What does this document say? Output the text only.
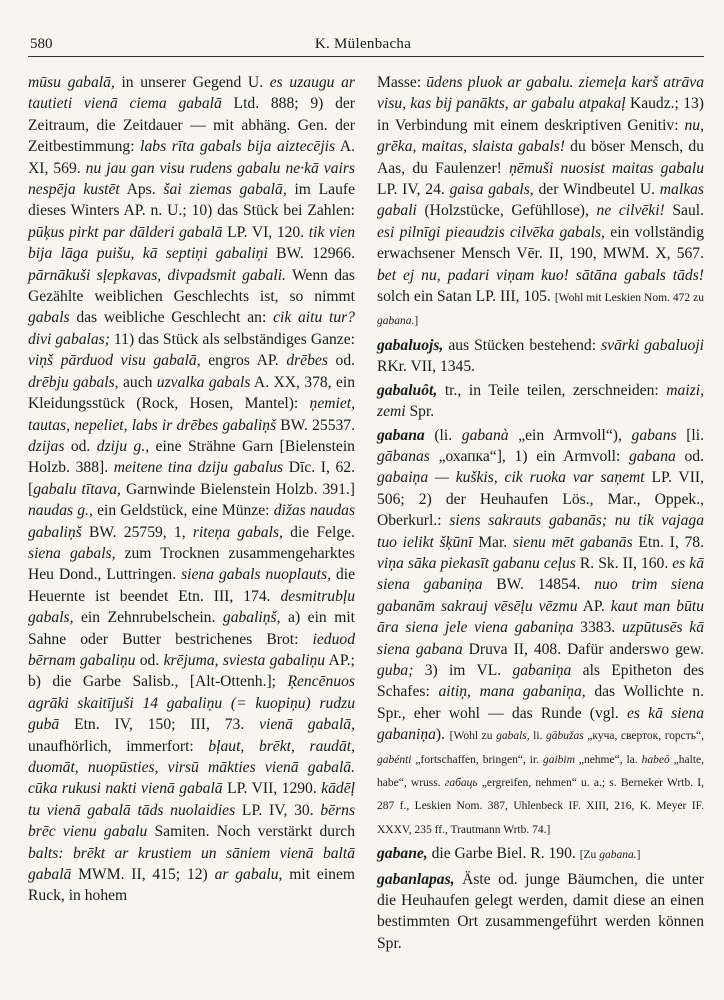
580	K. Mülenbacha

mūsu gabalā, in unserer Gegend U. es uzaugu ar tautieti vienā ciema gabalā Ltd. 888; 9) der Zeitraum, die Zeitdauer — mit abhäng. Gen. der Zeitbestimmung: labs rīta gabals bija aiztecējis A. XI, 569. nu jau gan visu rudens gabalu ne·kā vairs nespēja kustēt Aps. šai ziemas gabalā, im Laufe dieses Winters AP. n. U.; 10) das Stück bei Zahlen: pūķus pirkt par dālderi gabalā LP. VI, 120. tik vien bija lāga puišu, kā septiņi gabaliņi BW. 12966. pārnākuši sļepkavas, divpadsmit gabali. Wenn das Gezählte weiblichen Geschlechts ist, so nimmt gabals das weibliche Geschlecht an: cik aitu tur? divi gabalas; 11) das Stück als selbständiges Ganze: viņš pārduod visu gabalā, engros AP. drēbes od. drēbju gabals, auch uzvalka gabals A. XX, 378, ein Kleidungsstück (Rock, Hosen, Mantel): ņemiet, tautas, nepeliet, labs ir drēbes gabaliņš BW. 25537. dzijas od. dziju g., eine Strähne Garn [Bielenstein Holzb. 388]. meitene tina dziju gabalus Dīc. I, 62. [gabalu tītava, Garnwinde Bielenstein Holzb. 391.] naudas g., ein Geldstück, eine Münze: dižas naudas gabaliņš BW. 25759, 1, riteņa gabals, die Felge. siena gabals, zum Trocknen zusammengeharktes Heu Dond., Luttringen. siena gabals nuoplauts, die Heuernte ist beendet Etn. III, 174. desmitrubļu gabals, ein Zehnrubelschein. gabaliņš, a) ein mit Sahne oder Butter bestrichenes Brot: ieduod bērnam gabaliņu od. krējuma, sviesta gabaliņu AP.; b) die Garbe Salisb., [Alt-Ottenh.]; Ŗencēnuos agrāki skaitījuši 14 gabaliņu (= kuopiņu) rudzu gubā Etn. IV, 150; III, 73. vienā gabalā, unaufhörlich, immerfort: bļaut, brēkt, raudāt, duomāt, nuopūsties, virsū mākties vienā gabalā. cūka rukusi nakti vienā gabalā LP. VII, 1290. kādēļ tu vienā gabalā tāds nuolaidies LP. IV, 30. bērns brēc vienu gabalu Samiten. Noch verstärkt durch balts: brēkt ar krustiem un sāniem vienā baltā gabalā MWM. II, 415; 12) ar gabalu, mit einem Ruck, in hohem

Masse: ūdens pluok ar gabalu. ziemeļa karš atrāva visu, kas bij panākts, ar gabalu atpakaļ Kaudz.; 13) in Verbindung mit einem deskriptiven Genitiv: nu, grēka, maitas, slaista gabals! du böser Mensch, du Aas, du Faulenzer! ņēmuši nuosist maitas gabalu LP. IV, 24. gaisa gabals, der Windbeutel U. malkas gabali (Holzstücke, Gefühllose), ne cilvēki! Saul. esi pilnīgi pieaudzis cilvēka gabals, ein vollständig erwachsener Mensch Vēr. II, 190, MWM. X, 567. bet ej nu, padari viņam kuo! sātāna gabals tāds! solch ein Satan LP. III, 105. [Wohl mit Leskien Nom. 472 zu gabana.]

gabaluojs, aus Stücken bestehend: svārki gabaluoji RKr. VII, 1345.

gabaluôt, tr., in Teile teilen, zerschneiden: maizi, zemi Spr.

gabana (li. gabanà „ein Armvoll“), gabans [li. gābanas „охапка“], 1) ein Armvoll: gabana od. gabaiņa — kuškis, cik ruoka var saņemt LP. VII, 506; 2) der Heuhaufen Lös., Mar., Oppek., Oberkurl.: siens sakrauts gabanās; nu tik vajaga tuo ielikt šķūnī Mar. sienu mēt gabanās Etn. I, 78. viņa sāka piekasīt gabanu ceļus R. Sk. II, 160. es kā siena gabaniņa BW. 14854. nuo trim siena gabanām sakrauj vēsēļu vēzmu AP. kaut man būtu āra siena jele viena gabaniņa 3383. uzpūtusēs kā siena gabana Druva II, 408. Dafür anderswo gew. guba; 3) im VL. gabaniņa als Epitheton des Schafes: aitiņ, mana gabaniņa, das Wollichte n. Spr., eher wohl — das Runde (vgl. es kā siena gabaniņa). [Wohl zu gabals, li. gābužas „куча, сверток, горсть“, gabénti „fortschaffen, bringen“, ir. gaibim „nehme“, la. habeō „halte, habe“, wruss. габаць „ergreifen, nehmen“ u. a.; s. Berneker Wrtb. I, 287 f., Leskien Nom. 387, Uhlenbeck IF. XIII, 216, K. Meyer IF. XXXV, 235 ff., Trautmann Wrtb. 74.]

gabane, die Garbe Biel. R. 190. [Zu gabana.]

gabanlapas, Äste od. junge Bäumchen, die unter die Heuhaufen gelegt werden, damit diese an einen bestimmten Ort zusammengeführt werden können Spr.
